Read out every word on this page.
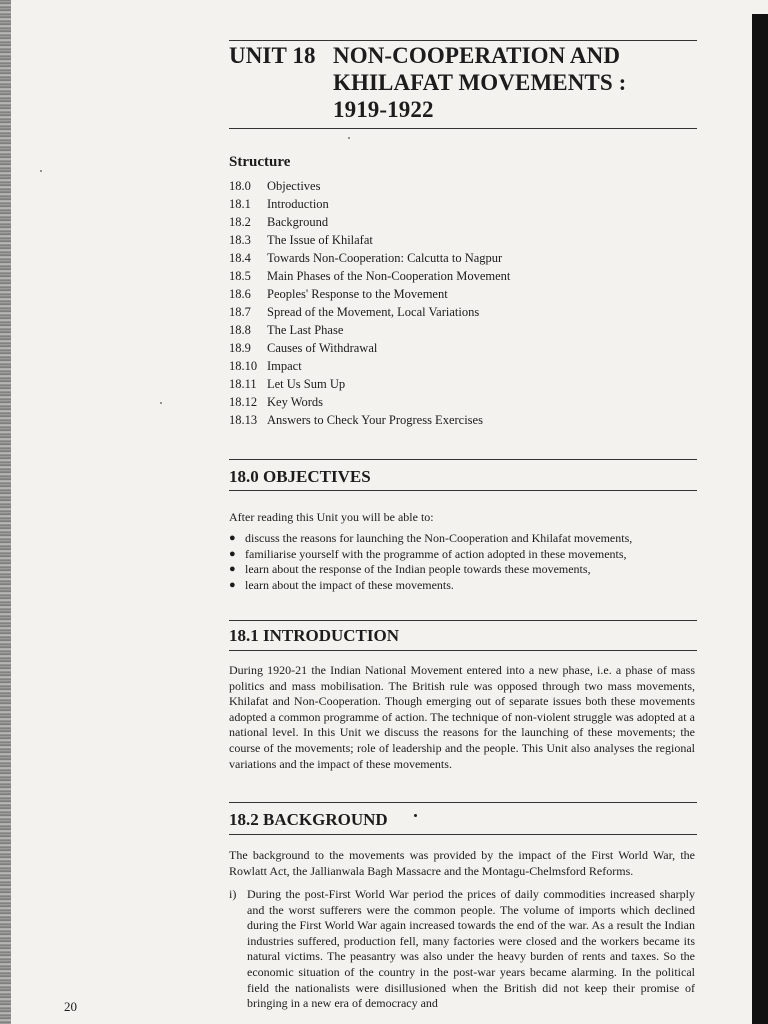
UNIT 18 NON-COOPERATION AND
KHILAFAT MOVEMENTS :
1919-1922
Structure
18.0 Objectives
18.1 Introduction
18.2 Background
18.3 The Issue of Khilafat
18.4 Towards Non-Cooperation: Calcutta to Nagpur
18.5 Main Phases of the Non-Cooperation Movement
18.6 Peoples' Response to the Movement
18.7 Spread of the Movement, Local Variations
18.8 The Last Phase
18.9 Causes of Withdrawal
18.10 Impact
18.11 Let Us Sum Up
18.12 Key Words
18.13 Answers to Check Your Progress Exercises
18.0 OBJECTIVES
After reading this Unit you will be able to:
● discuss the reasons for launching the Non-Cooperation and Khilafat movements,
● familiarise yourself with the programme of action adopted in these movements,
● learn about the response of the Indian people towards these movements,
● learn about the impact of these movements.
18.1 INTRODUCTION
During 1920-21 the Indian National Movement entered into a new phase, i.e. a phase of mass politics and mass mobilisation. The British rule was opposed through two mass movements, Khilafat and Non-Cooperation. Though emerging out of separate issues both these movements adopted a common programme of action. The technique of non-violent struggle was adopted at a national level. In this Unit we discuss the reasons for the launching of these movements; the course of the movements; role of leadership and the people. This Unit also analyses the regional variations and the impact of these movements.
18.2 BACKGROUND
The background to the movements was provided by the impact of the First World War, the Rowlatt Act, the Jallianwala Bagh Massacre and the Montagu-Chelmsford Reforms.
i) During the post-First World War period the prices of daily commodities increased sharply and the worst sufferers were the common people. The volume of imports which declined during the First World War again increased towards the end of the war. As a result the Indian industries suffered, production fell, many factories were closed and the workers became its natural victims. The peasantry was also under the heavy burden of rents and taxes. So the economic situation of the country in the post-war years became alarming. In the political field the nationalists were disillusioned when the British did not keep their promise of bringing in a new era of democracy and
20
